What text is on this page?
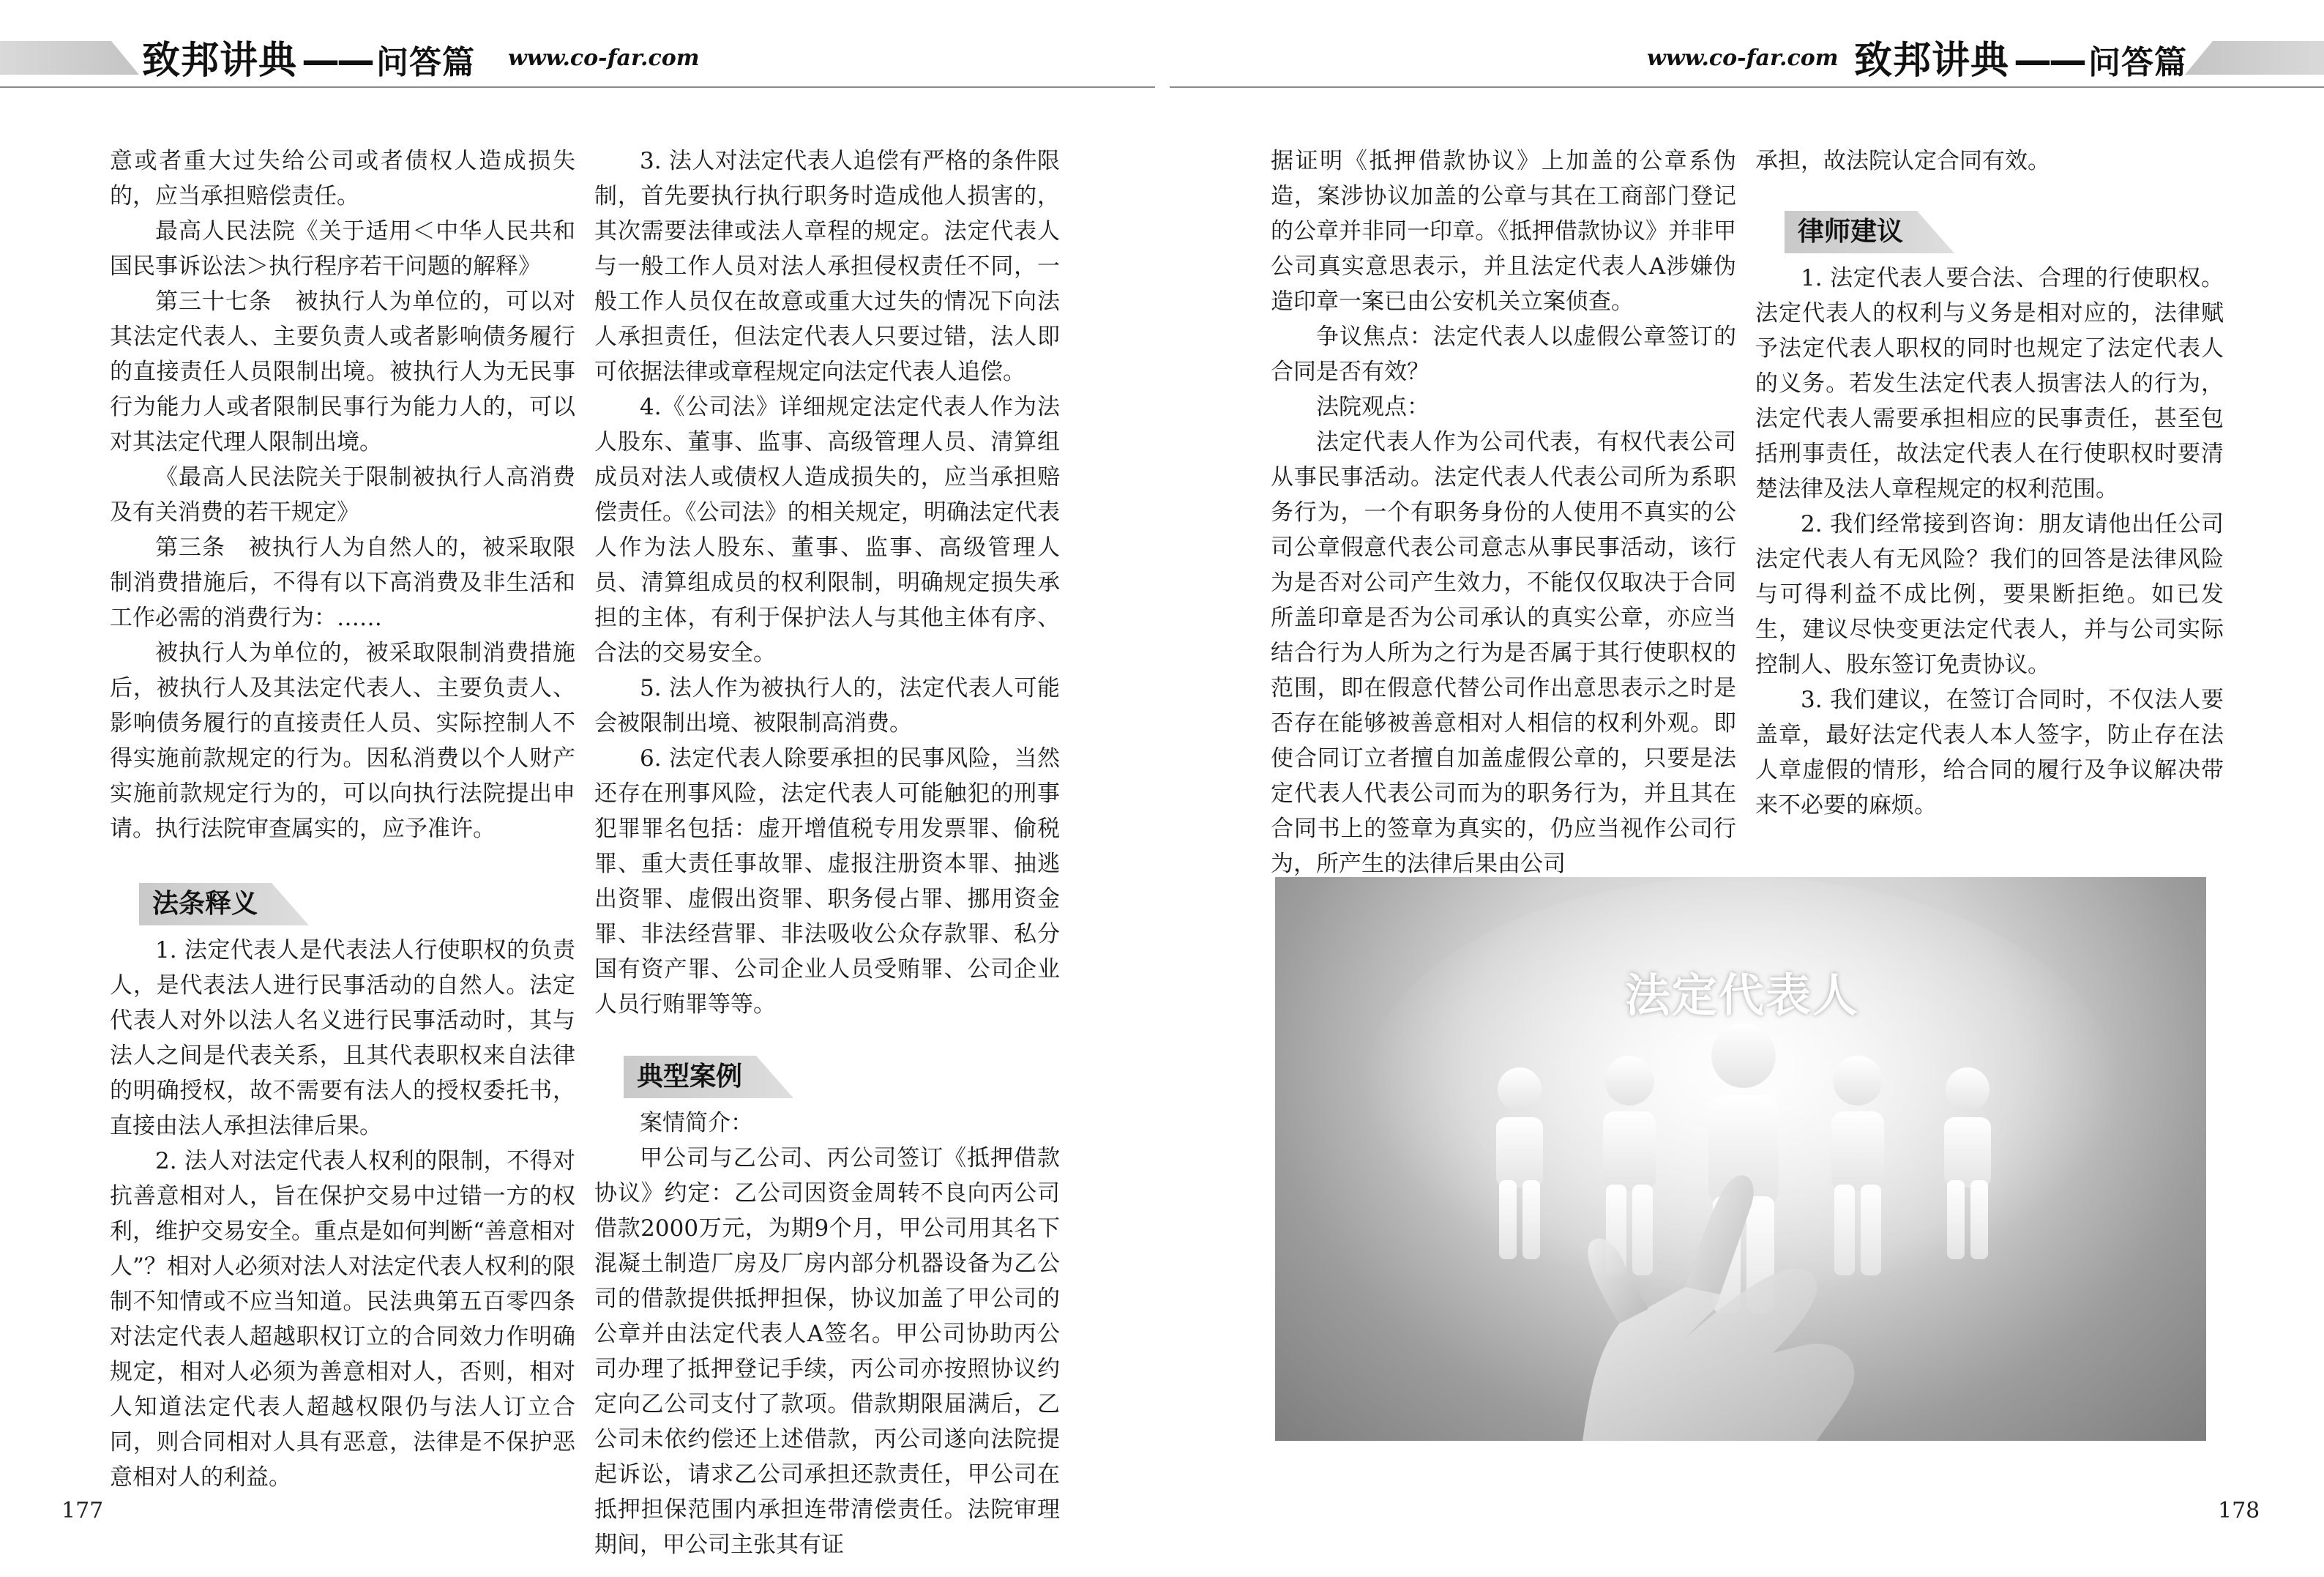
致邦讲典 —— 问答篇 www.co-far.com	www.co-far.com 致邦讲典 —— 问答篇

意或者重大过失给公司或者债权人造成损失的，应当承担赔偿责任。

最高人民法院《关于适用＜中华人民共和国民事诉讼法＞执行程序若干问题的解释》

第三十七条　被执行人为单位的，可以对其法定代表人、主要负责人或者影响债务履行的直接责任人员限制出境。被执行人为无民事行为能力人或者限制民事行为能力人的，可以对其法定代理人限制出境。

《最高人民法院关于限制被执行人高消费及有关消费的若干规定》

第三条　被执行人为自然人的，被采取限制消费措施后，不得有以下高消费及非生活和工作必需的消费行为：……

被执行人为单位的，被采取限制消费措施后，被执行人及其法定代表人、主要负责人、影响债务履行的直接责任人员、实际控制人不得实施前款规定的行为。因私消费以个人财产实施前款规定行为的，可以向执行法院提出申请。执行法院审查属实的，应予准许。

法条释义

1. 法定代表人是代表法人行使职权的负责人，是代表法人进行民事活动的自然人。法定代表人对外以法人名义进行民事活动时，其与法人之间是代表关系，且其代表职权来自法律的明确授权，故不需要有法人的授权委托书，直接由法人承担法律后果。

2. 法人对法定代表人权利的限制，不得对抗善意相对人，旨在保护交易中过错一方的权利，维护交易安全。重点是如何判断“善意相对人”？相对人必须对法人对法定代表人权利的限制不知情或不应当知道。民法典第五百零四条对法定代表人超越职权订立的合同效力作明确规定，相对人必须为善意相对人，否则，相对人知道法定代表人超越权限仍与法人订立合同，则合同相对人具有恶意，法律是不保护恶意相对人的利益。

3. 法人对法定代表人追偿有严格的条件限制，首先要执行执行职务时造成他人损害的，其次需要法律或法人章程的规定。法定代表人与一般工作人员对法人承担侵权责任不同，一般工作人员仅在故意或重大过失的情况下向法人承担责任，但法定代表人只要过错，法人即可依据法律或章程规定向法定代表人追偿。

4.《公司法》详细规定法定代表人作为法人股东、董事、监事、高级管理人员、清算组成员对法人或债权人造成损失的，应当承担赔偿责任。《公司法》的相关规定，明确法定代表人作为法人股东、董事、监事、高级管理人员、清算组成员的权利限制，明确规定损失承担的主体，有利于保护法人与其他主体有序、合法的交易安全。

5. 法人作为被执行人的，法定代表人可能会被限制出境、被限制高消费。

6. 法定代表人除要承担的民事风险，当然还存在刑事风险，法定代表人可能触犯的刑事犯罪罪名包括：虚开增值税专用发票罪、偷税罪、重大责任事故罪、虚报注册资本罪、抽逃出资罪、虚假出资罪、职务侵占罪、挪用资金罪、非法经营罪、非法吸收公众存款罪、私分国有资产罪、公司企业人员受贿罪、公司企业人员行贿罪等等。

典型案例

案情简介：

甲公司与乙公司、丙公司签订《抵押借款协议》约定：乙公司因资金周转不良向丙公司借款2000万元，为期9个月，甲公司用其名下混凝土制造厂房及厂房内部分机器设备为乙公司的借款提供抵押担保，协议加盖了甲公司的公章并由法定代表人A签名。甲公司协助丙公司办理了抵押登记手续，丙公司亦按照协议约定向乙公司支付了款项。借款期限届满后，乙公司未依约偿还上述借款，丙公司遂向法院提起诉讼，请求乙公司承担还款责任，甲公司在抵押担保范围内承担连带清偿责任。法院审理期间，甲公司主张其有证

据证明《抵押借款协议》上加盖的公章系伪造，案涉协议加盖的公章与其在工商部门登记的公章并非同一印章。《抵押借款协议》并非甲公司真实意思表示，并且法定代表人A涉嫌伪造印章一案已由公安机关立案侦查。

争议焦点：法定代表人以虚假公章签订的合同是否有效？

法院观点：

法定代表人作为公司代表，有权代表公司从事民事活动。法定代表人代表公司所为系职务行为，一个有职务身份的人使用不真实的公司公章假意代表公司意志从事民事活动，该行为是否对公司产生效力，不能仅仅取决于合同所盖印章是否为公司承认的真实公章，亦应当结合行为人所为之行为是否属于其行使职权的范围，即在假意代替公司作出意思表示之时是否存在能够被善意相对人相信的权利外观。即使合同订立者擅自加盖虚假公章的，只要是法定代表人代表公司而为的职务行为，并且其在合同书上的签章为真实的，仍应当视作公司行为，所产生的法律后果由公司

承担，故法院认定合同有效。

律师建议

1. 法定代表人要合法、合理的行使职权。法定代表人的权利与义务是相对应的，法律赋予法定代表人职权的同时也规定了法定代表人的义务。若发生法定代表人损害法人的行为，法定代表人需要承担相应的民事责任，甚至包括刑事责任，故法定代表人在行使职权时要清楚法律及法人章程规定的权利范围。

2. 我们经常接到咨询：朋友请他出任公司法定代表人有无风险？我们的回答是法律风险与可得利益不成比例，要果断拒绝。如已发生，建议尽快变更法定代表人，并与公司实际控制人、股东签订免责协议。

3. 我们建议，在签订合同时，不仅法人要盖章，最好法定代表人本人签字，防止存在法人章虚假的情形，给合同的履行及争议解决带来不必要的麻烦。

法定代表人
177	178
